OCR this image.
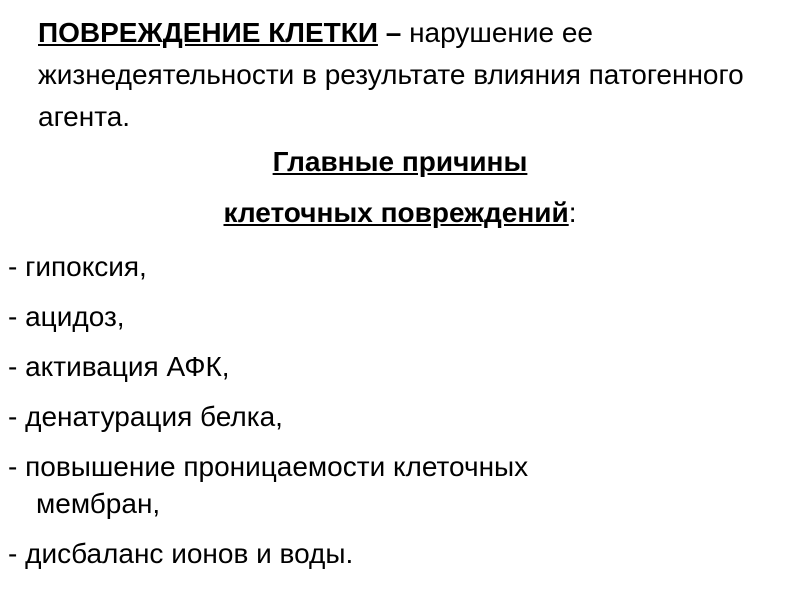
ПОВРЕЖДЕНИЕ КЛЕТКИ – нарушение ее жизнедеятельности в результате влияния патогенного агента.

Главные причины

клеточных повреждений:

- гипоксия,
- ацидоз,
- активация АФК,
- денатурация белка,
- повышение проницаемости клеточных
мембран,
- дисбаланс ионов и воды.
